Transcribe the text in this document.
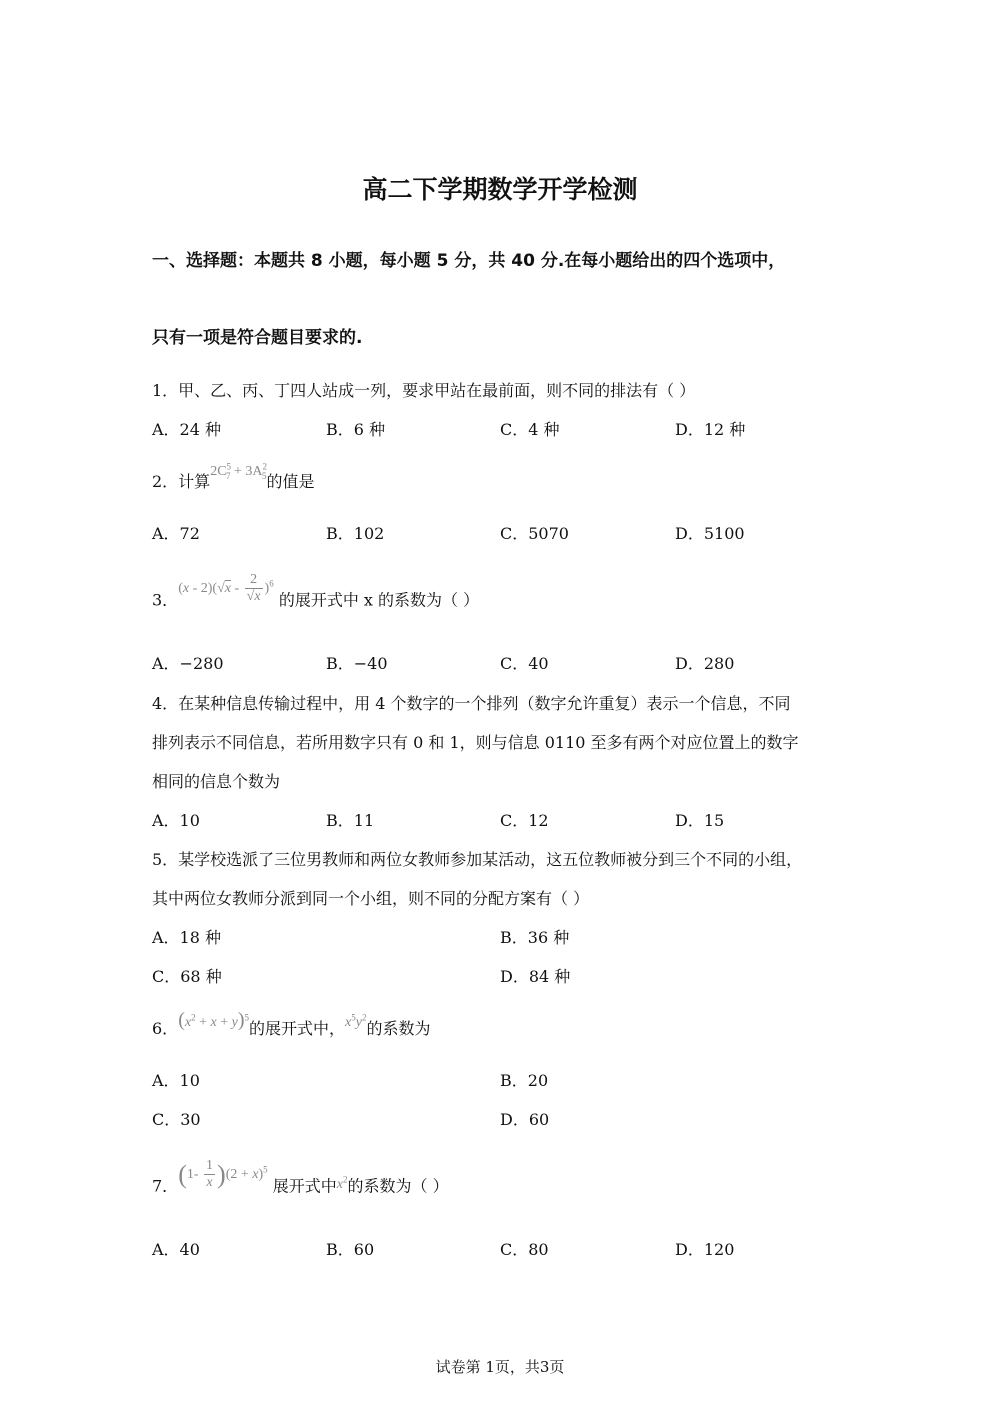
高二下学期数学开学检测
一、选择题：本题共 8 小题，每小题 5 分，共 40 分.在每小题给出的四个选项中，
只有一项是符合题目要求的.
1．甲、乙、丙、丁四人站成一列，要求甲站在最前面，则不同的排法有（ ）
A．24 种	B．6 种	C．4 种	D．12 种
2．计算$2C^5_7 + 3A^2_5$的值是
A．72	B．102	C．5070	D．5100
3．$(x - 2)(√x - \frac{2}{√x} )^6$ 的展开式中 x 的系数为（ ）
A．−280	B．−40	C．40	D．280
4．在某种信息传输过程中，用 4 个数字的一个排列（数字允许重复）表示一个信息，不同
排列表示不同信息，若所用数字只有 0 和 1，则与信息 0110 至多有两个对应位置上的数字
相同的信息个数为
A．10	B．11	C．12	D．15
5．某学校选派了三位男教师和两位女教师参加某活动，这五位教师被分到三个不同的小组，
其中两位女教师分派到同一个小组，则不同的分配方案有（ ）
A．18 种	B．36 种
C．68 种	D．84 种
6．$(x^2 + x + y)^5$的展开式中，$x^5y^2$的系数为
A．10	B．20
C．30	D．60
7．$(1- \frac{1}{x} )(2 + x)^5$ 展开式中$x^2$的系数为（ ）
A．40	B．60	C．80	D．120
试卷第 1页，共3页
